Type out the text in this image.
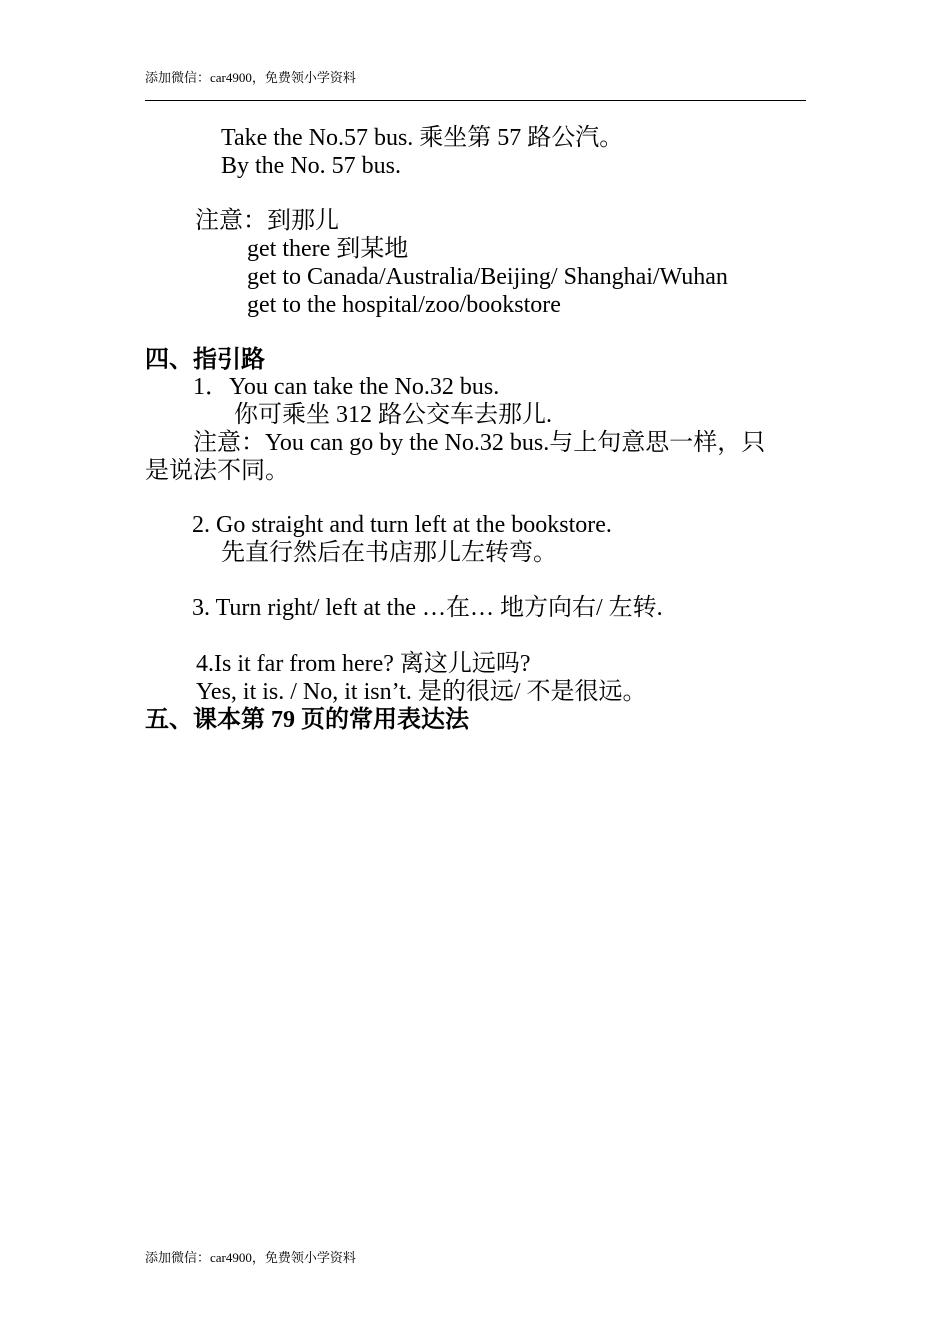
添加微信：car4900，免费领小学资料
Take the No.57 bus. 乘坐第 57 路公汽。
By the No. 57 bus.
注意：到那儿
get there 到某地
get to Canada/Australia/Beijing/ Shanghai/Wuhan
get to the hospital/zoo/bookstore
四、指引路
1．You can take the No.32 bus.
你可乘坐 312 路公交车去那儿.
注意：You can go by the No.32 bus.与上句意思一样，只
是说法不同。
2. Go straight and turn left at the bookstore.
先直行然后在书店那儿左转弯。
3. Turn right/ left at the …在… 地方向右/ 左转.
4.Is it far from here? 离这儿远吗?
Yes, it is. / No, it isn’t. 是的很远/ 不是很远。
五、课本第 79 页的常用表达法
添加微信：car4900，免费领小学资料
